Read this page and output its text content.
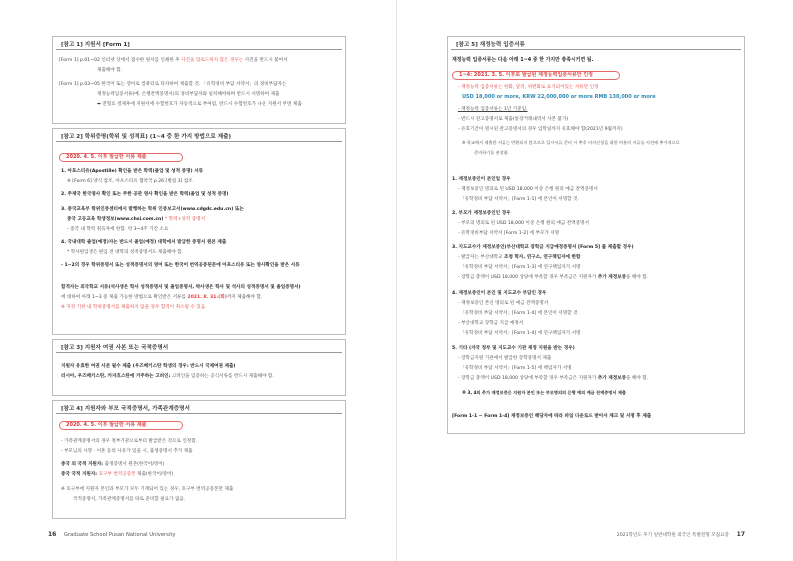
[참고 1] 지원서 [Form 1]
[Form 1] p.01~02 인터넷 상에서 접수한 원서를 인쇄한 후 사진을 업로드하지 않은 경우는 사진을 반드시 붙여서
제출해야 함.
[Form 1] p.03~05 한국어 또는 영어로 컴퓨터로 타자하여 제출할 것. 「유학경비 부담 서약서」의 경비부담자는
재정능력입증서류(예. 은행잔액증명서)의 경비부담자와 일치해야하며 반드시 서명하여 제출
➡ 전형료 결제후에 지원서에 수험번호가 자동적으로 부여됨, 반드시 수험번호가 나온 지원서 무면 제출
[참고 2] 학위증명(학위 및 성적표) (1~4 중 한 가지 방법으로 제출)
2020. 4. 5. 이후 발급한 서류 제출
1. 아포스티유(Apostille) 확인을 받은 학력(졸업 및 성적 증명) 서류
※ [Form 6] 양식 참조, 아포스티유 협약국 p.26 [별첨 3] 참조
2. 주재국 한국영사 확인 또는 주한 공관 영사 확인을 받은 학력(졸업 및 성적 증명)
3. 중국교육부 학위인증센터에서 발행하는 학위 인증보고서(www.cdgdc.edu.cn) 또는
중국 고등교육 학생정보(www.chsi.com.cn) * 학력+성적 증명서
- 중국 내 학력 취득자에 한함. 약 3~4주 기간 소요
4. 국내대학 졸업(예정)자는 반드시 졸업(예정) 대학에서 발급한 증명서 원본 제출
* 학사편입생은 편입 전 대학의 성적증명서도 제출해야 함.
- 1~2의 경우 학위증명서 또는 성적증명서의 영어 또는 한국어 번역공증된문에 아포스티유 또는 영사확인을 받은 서류
합격자는 외국학교 서류(석사생은 학사 성적증명서 및 졸업증명서, 박사생은 학사 및 석사의 성적증명서 및 졸업증명서)
에 대하여 아래 1~3 중 제출 가능한 방법으로 확인받은 서류를 2021. 8. 31.(화)까지 제출해야 함.
※ 지정 기한 내 학위증명서를 제출하지 않을 경우 합격이 취소될 수 있음.
[참고 3] 지원자 여권 사본 또는 국적증명서
지원자 유효한 여권 사본 필수 제출 (우즈베키스탄 학생의 경우: 반드시 국제여권 제출)
러시아, 우즈베키스탄, 카자흐스탄에 거주하는 고려인: 고려인을 입증하는 공식서류를 반드시 제출해야 함.
[참고 4] 지원자와 부모 국적증명서, 가족관계증명서
2020. 4. 5. 이후 발급한 서류 제출
- 가족관계증명서의 경우 정부기관으로부터 발급받은 것으로 인정함.
- 부모님의 사망 · 이혼 등의 사유가 있을 시, 출생증명서 추가 제출
중국 외 국적 지원자: 출생증명서 원본(한국어/영어)
중국 국적 지원자: 호구부 번역공증본 제출(한국어/영어)
※ 호구부에 지원자 본인과 부모가 모두 기재되어 있는 경우, 호구부 번역공증본만 제출
국적증명서, 가족관계증명서를 따로 준비할 필요가 없음.
16 Graduate School Pusan National University
[참고 5] 재정능력 입증서류
재정능력 입증서류는 다음 아래 1~4 중 한 가지만 충족시키면 됨.
1~4: 2021. 3. 5. 이후로 발급된 재정능력입증서류만 인정
- 재정능력 입증서류는 한화, 달러, 위엔화로 표기되어있는 서류만 인정
USD 18,000 or more, KRW 22,000,000 or more RMB 130,000 or more
- 재정능력 입증서류는 1년 기준임.
- 반드시 잔고증명서로 제출(통장거래내역서 사본 불가)
- 유효기간이 명시된 잔고증명서의 경우 입학일까지 유효해야 함(2021년 9월까지)
※ 학교에서 제출한 서류는 반환되지 않으므로 입시서류 준비 시 추후 비자신청을 위한 여분의 서류를 사전에 추가적으로
준비하기를 권장함.
1. 재정보증인이 본인일 경우
- 재정보증인 명의로 된 USD 18,000 이상 은행 원의 예금 잔액증명서
「유학경비 부담 서약서」[Form 1-1] 에 본인이 서명할 것.
2. 부모가 재정보증인인 경우
- 부모의 명의로 된 USD 18,000 이상 은행 원의 예금 잔액증명서
- 유학경비부담 서약서 [Form 1-2] 에 부모가 서명
3. 지도교수가 재정보증인(부산대학교 장학금 지급예정증명서 [Form 5] 를 제출할 경우)
- 발급자는 부산대학교 조청 학자, 연구소, 연구책임자에 한함
「유학경비 부담 서약서」[Form 1-3] 에 연구책임자가 서명
- 장학금 총액이 USD 18,000 상당에 부족할 경우 부족금은 지원자가 추가 재정보증을 해야 함.
4. 재정보증인이 본인 및 지도교수 부담인 경우
- 재정보증인 본인 명의로 된 예금 잔액증명서
「유학경비 부담 서약서」[Form 1-4] 에 본인이 서명할 것.
- 부산대학교 장학금 지급 예정서
「유학경비 부담 서약서」[Form 1-4] 에 연구책임자가 서명
5. 기타 (자국 정부 및 지도교수 기관 재정 지원을 받는 경우)
- 장학금지원 기관에서 발급한 장학증명서 제출
「유학경비 부담 서약서」[Form 1-5] 에 책임자가 서명
- 장학금 총액이 USD 18,000 상당에 부족할 경우 부족금은 지원자가 추가 재정보증을 해야 함.
※ 3, 4의 추가 재정보증은 지원자 본인 또는 부모명의의 은행 예의 예금 잔액증명서 제출
[Form 1-1 ~ Form 1-4] 재정보증인 해당자에 따라 파일 다운로드 받아서 체크 및 서명 후 제출
2021학년도 후기 일반대학원 외국인 특별전형 모집요강 17
